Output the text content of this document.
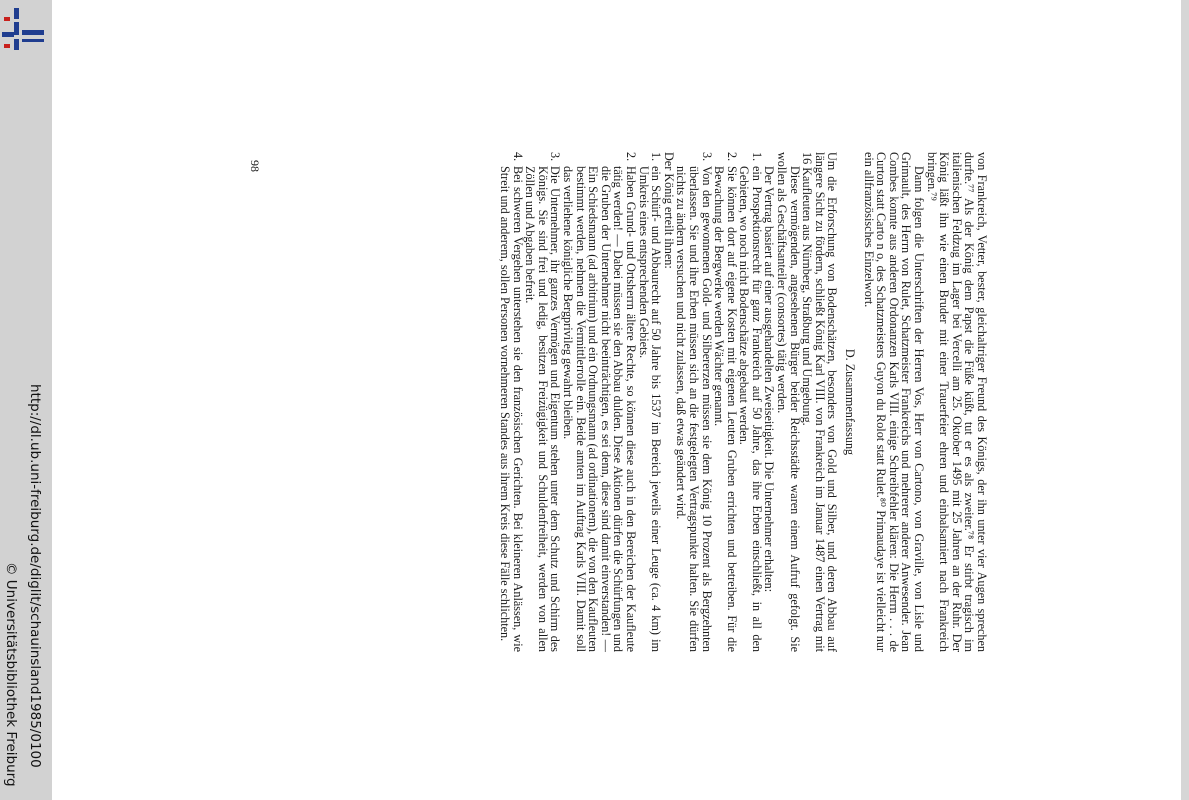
http://dl.ub.uni-freiburg.de/diglit/schauinsland1985/0100
© Universitätsbibliothek Freiburg

von Frankreich, Vetter, bester, gleichaltriger Freund des Königs, der ihn unter vier Augen sprechen durfte.⁷⁷ Als der König dem Papst die Füße küßt, tut er es als zweiter.⁷⁸ Er stirbt tragisch im italienischen Feldzug im Lager bei Vercelli am 25. Oktober 1495 mit 25 Jahren an der Ruhr. Der König läßt ihn wie einen Bruder mit einer Trauerfeier ehren und einbalsamiert nach Frankreich bringen.⁷⁹

Dann folgen die Unterschriften der Herren Vos, Herr von Cartono, von Graville, von Lisle und Grimault, des Herrn von Rulet, Schatzmeister Frankreichs und mehrerer anderer Anwesender. Jean Combes konnte aus anderen Ordonanzen Karls VIII. einige Schreibfehler klären: Die Herrn . . . de Curton statt Carto n o, des Schatzmeisters Guyon du Rolot statt Rulet.⁸⁰ Primaudaye ist vielleicht nur ein allfranzösisches Einzelwort.

D. Zusammenfassung

Um die Erforschung von Bodenschätzen, besonders von Gold und Silber, und deren Abbau auf längere Sicht zu fördern, schließt König Karl VIII. von Frankreich im Januar 1487 einen Vertrag mit 16 Kaufleuten aus Nürnberg, Straßburg und Umgebung.

Diese vermögenden, angesehenen Bürger beider Reichsstädte waren einem Aufruf gefolgt. Sie wollen als Geschäftsanteiler (consortes) tätig werden.

Der Vertrag basiert auf einer ausgehandelten Zweiseitigkeit. Die Unternehmer erhalten:

1.
ein Prospektionsrecht für ganz Frankreich auf 50 Jahre, das ihre Erben einschließt, in all den Gebieten, wo noch nicht Bodenschätze abgebaut werden.
2.
Sie können dort auf eigene Kosten mit eigenen Leuten Gruben errichten und betreiben. Für die Bewachung der Bergwerke werden Wächter genannt.
3.
Von den gewonnenen Gold- und Silbererzen müssen sie dem König 10 Prozent als Bergzehnten überlassen. Sie und ihre Erben müssen sich an die festgelegten Vertragspunkte halten. Sie dürfen nichts zu ändern versuchen und nicht zulassen, daß etwas geändert wird.

Der König erteilt ihnen:

1.
ein Schürf- und Abbaurecht auf 50 Jahre bis 1537 im Bereich jeweils einer Leuge (ca. 4 km) im Umkreis eines entsprechenden Gebiets.
2.
Haben Grund- und Ortsherrn ältere Rechte, so können diese auch in den Bereichen der Kaufleute tätig werden! — Dabei müssen sie den Abbau dulden. Diese Aktionen dürfen die Schürfungen und die Gruben der Unternehmer nicht beeinträchtigen, es sei denn, diese sind damit einverstanden! — Ein Schiedsmann (ad arbitrium) und ein Ordnungsmann (ad ordinationem), die von den Kaufleuten bestimmt werden, nehmen die Vermittlerrolle ein. Beide amten im Auftrag Karls VIII. Damit soll das verliehene königliche Bergprivileg gewahrt bleiben.
3.
Die Unternehmer, ihr ganzes Vermögen und Eigentum stehen unter dem Schutz und Schirm des Königs. Sie sind frei und ledig, besitzen Freizügigkeit und Schuldenfreiheit, werden von allen Zöllen und Abgaben befreit.
4.
Bei schweren Vergehen unterstehen sie den französischen Gerichten. Bei kleineren Anlässen, wie Streit und anderem, sollen Personen vornehmeren Standes aus ihrem Kreis diese Fälle schlichten.
98
